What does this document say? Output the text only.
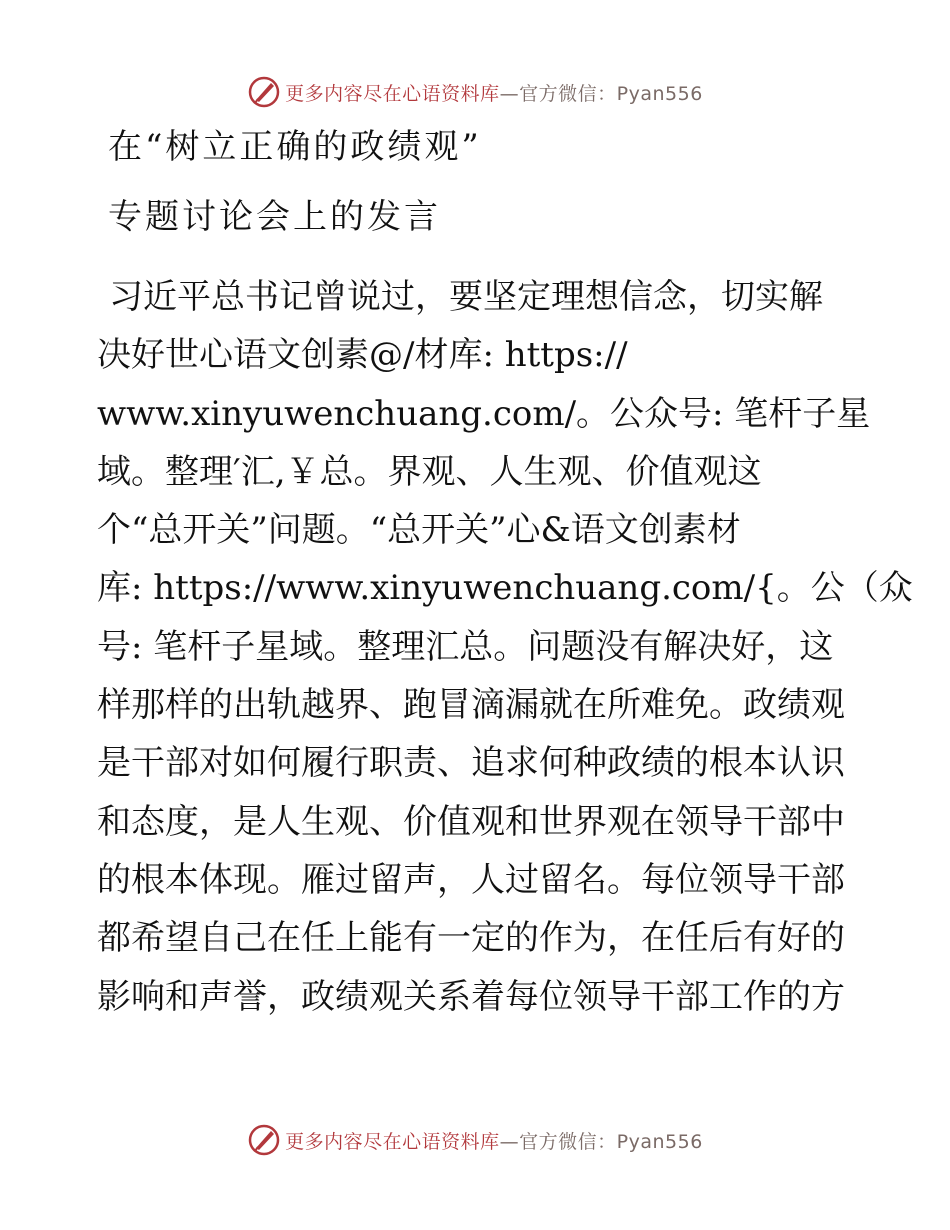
更多内容尽在心语资料库 —官方微信：Pyan556
在“树立正确的政绩观”
专题讨论会上的发言
习近平总书记曾说过，要坚定理想信念，切实解
决好世心语文创素@/材库: https://
www.xinyuwenchuang.com/。公众号: 笔杆子星
域。整理′汇,￥总。界观、人生观、价值观这
个“总开关”问题。“总开关”心&语文创素材
库: https://www.xinyuwenchuang.com/{。公（众
号: 笔杆子星域。整理汇总。问题没有解决好，这
样那样的出轨越界、跑冒滴漏就在所难免。政绩观
是干部对如何履行职责、追求何种政绩的根本认识
和态度，是人生观、价值观和世界观在领导干部中
的根本体现。雁过留声，人过留名。每位领导干部
都希望自己在任上能有一定的作为，在任后有好的
影响和声誉，政绩观关系着每位领导干部工作的方
更多内容尽在心语资料库 —官方微信：Pyan556
